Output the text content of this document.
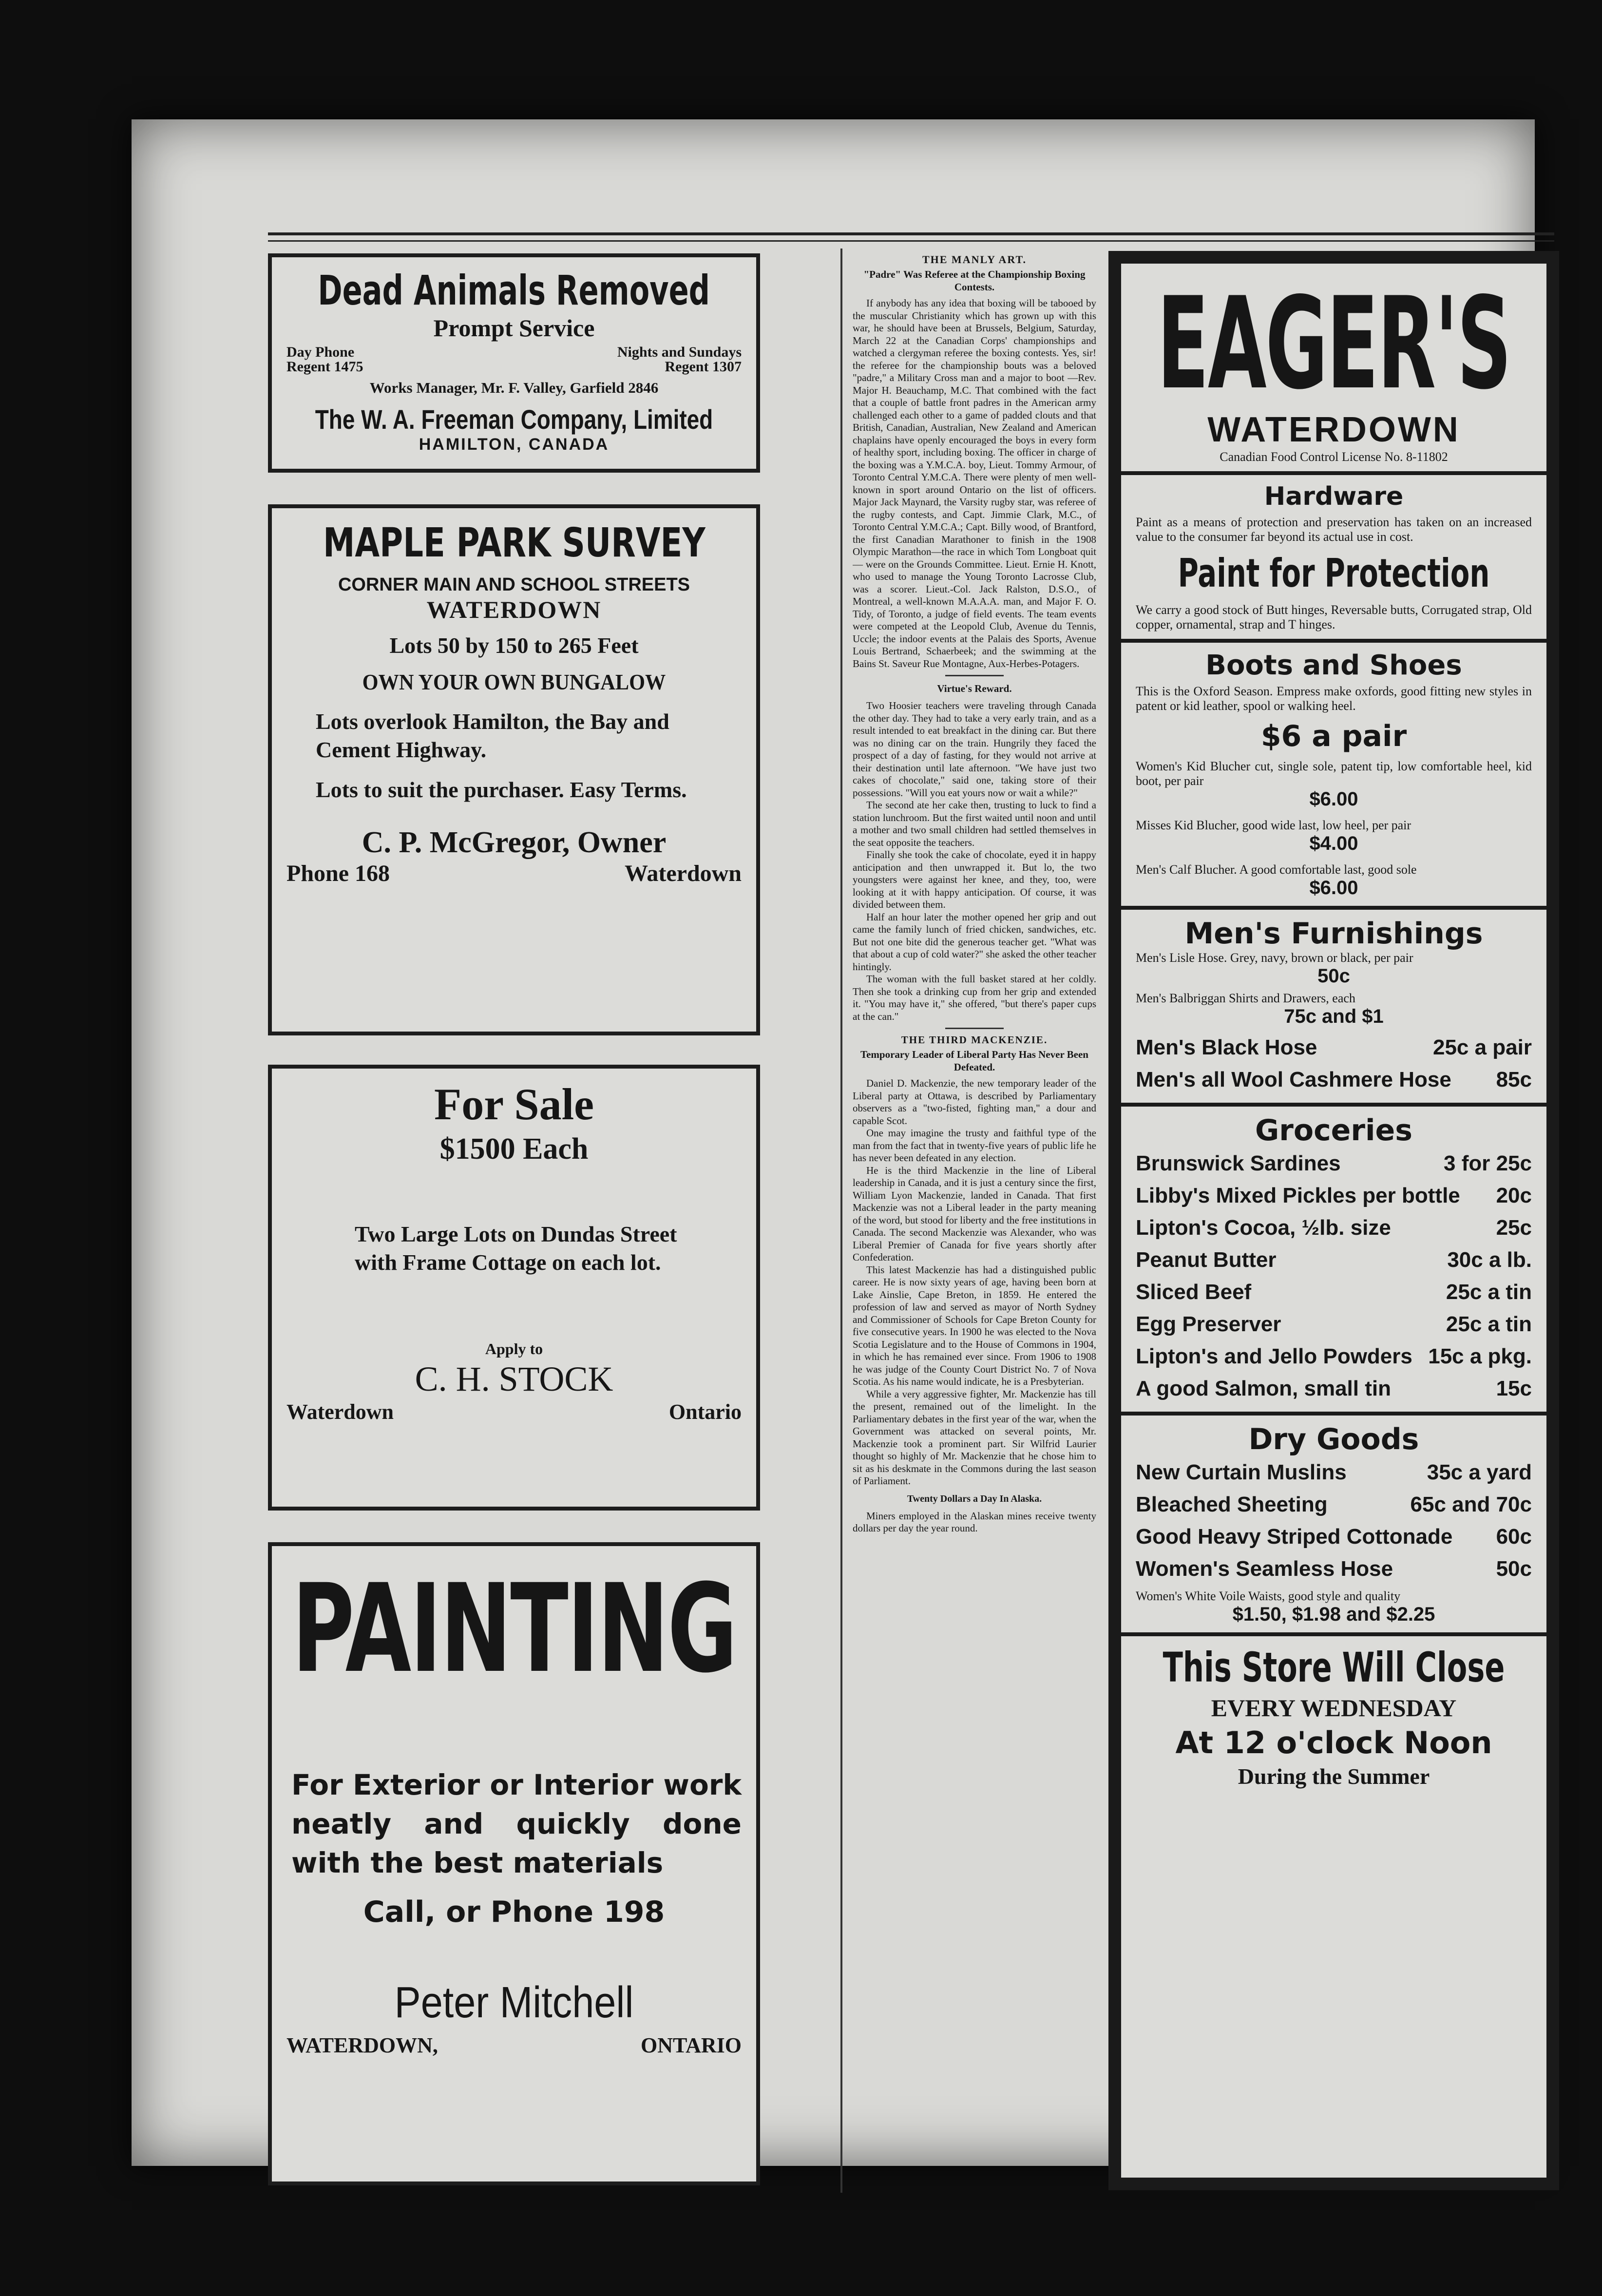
Dead Animals Removed
Prompt Service
Day Phone
Regent 1475
Nights and Sundays
Regent 1307
Works Manager, Mr. F. Valley, Garfield 2846
The W. A. Freeman Company, Limited
HAMILTON, CANADA
MAPLE PARK SURVEY
CORNER MAIN AND SCHOOL STREETS
WATERDOWN
Lots 50 by 150 to 265 Feet
OWN YOUR OWN BUNGALOW
Lots overlook Hamilton, the Bay and Cement Highway.
Lots to suit the purchaser. Easy Terms.
C. P. McGregor, Owner
Phone 168	Waterdown
For Sale
$1500 Each
Two Large Lots on Dundas Street with Frame Cottage on each lot.
Apply to
C. H. STOCK
Waterdown	Ontario
PAINTING
For Exterior or Interior work neatly and quickly done with the best materials
Call, or Phone 198
Peter Mitchell
WATERDOWN,	ONTARIO
THE MANLY ART.
"Padre" Was Referee at the Championship Boxing Contests.

If anybody has any idea that boxing will be tabooed by the muscular Christianity which has grown up with this war, he should have been at Brussels, Belgium, Saturday, March 22 at the Canadian Corps' championships and watched a clergyman referee the boxing contests. Yes, sir! the referee for the championship bouts was a beloved "padre," a Military Cross man and a major to boot —Rev. Major H. Beauchamp, M.C. That combined with the fact that a couple of battle front padres in the American army challenged each other to a game of padded clouts and that British, Canadian, Australian, New Zealand and American chaplains have openly encouraged the boys in every form of healthy sport, including boxing. The officer in charge of the boxing was a Y.M.C.A. boy, Lieut. Tommy Armour, of Toronto Central Y.M.C.A. There were plenty of men well-known in sport around Ontario on the list of officers. Major Jack Maynard, the Varsity rugby star, was referee of the rugby contests, and Capt. Jimmie Clark, M.C., of Toronto Central Y.M.C.A.; Capt. Billy wood, of Brantford, the first Canadian Marathoner to finish in the 1908 Olympic Marathon—the race in which Tom Longboat quit — were on the Grounds Committee. Lieut. Ernie H. Knott, who used to manage the Young Toronto Lacrosse Club, was a scorer. Lieut.-Col. Jack Ralston, D.S.O., of Montreal, a well-known M.A.A.A. man, and Major F. O. Tidy, of Toronto, a judge of field events. The team events were competed at the Leopold Club, Avenue du Tennis, Uccle; the indoor events at the Palais des Sports, Avenue Louis Bertrand, Schaerbeek; and the swimming at the Bains St. Saveur Rue Montagne, Aux-Herbes-Potagers.

Virtue's Reward.

Two Hoosier teachers were traveling through Canada the other day. They had to take a very early train, and as a result intended to eat breakfact in the dining car. But there was no dining car on the train. Hungrily they faced the prospect of a day of fasting, for they would not arrive at their destination until late afternoon. "We have just two cakes of chocolate," said one, taking store of their possessions. "Will you eat yours now or wait a while?"

The second ate her cake then, trusting to luck to find a station lunchroom. But the first waited until noon and until a mother and two small children had settled themselves in the seat opposite the teachers.

Finally she took the cake of chocolate, eyed it in happy anticipation and then unwrapped it. But lo, the two youngsters were against her knee, and they, too, were looking at it with happy anticipation. Of course, it was divided between them.

Half an hour later the mother opened her grip and out came the family lunch of fried chicken, sandwiches, etc. But not one bite did the generous teacher get. "What was that about a cup of cold water?" she asked the other teacher hintingly.

The woman with the full basket stared at her coldly. Then she took a drinking cup from her grip and extended it. "You may have it," she offered, "but there's paper cups at the can."

THE THIRD MACKENZIE.
Temporary Leader of Liberal Party Has Never Been Defeated.

Daniel D. Mackenzie, the new temporary leader of the Liberal party at Ottawa, is described by Parliamentary observers as a "two-fisted, fighting man," a dour and capable Scot.

One may imagine the trusty and faithful type of the man from the fact that in twenty-five years of public life he has never been defeated in any election.

He is the third Mackenzie in the line of Liberal leadership in Canada, and it is just a century since the first, William Lyon Mackenzie, landed in Canada. That first Mackenzie was not a Liberal leader in the party meaning of the word, but stood for liberty and the free institutions in Canada. The second Mackenzie was Alexander, who was Liberal Premier of Canada for five years shortly after Confederation.

This latest Mackenzie has had a distinguished public career. He is now sixty years of age, having been born at Lake Ainslie, Cape Breton, in 1859. He entered the profession of law and served as mayor of North Sydney and Commissioner of Schools for Cape Breton County for five consecutive years. In 1900 he was elected to the Nova Scotia Legislature and to the House of Commons in 1904, in which he has remained ever since. From 1906 to 1908 he was judge of the County Court District No. 7 of Nova Scotia. As his name would indicate, he is a Presbyterian.

While a very aggressive fighter, Mr. Mackenzie has till the present, remained out of the limelight. In the Parliamentary debates in the first year of the war, when the Government was attacked on several points, Mr. Mackenzie took a prominent part. Sir Wilfrid Laurier thought so highly of Mr. Mackenzie that he chose him to sit as his deskmate in the Commons during the last season of Parliament.

Twenty Dollars a Day In Alaska.

Miners employed in the Alaskan mines receive twenty dollars per day the year round.

EAGER'S
WATERDOWN
Canadian Food Control License No. 8-11802
Hardware
Paint as a means of protection and preservation has taken on an increased value to the consumer far beyond its actual use in cost.
Paint for Protection
We carry a good stock of Butt hinges, Reversable butts, Corrugated strap, Old copper, ornamental, strap and T hinges.
Boots and Shoes
This is the Oxford Season. Empress make oxfords, good fitting new styles in patent or kid leather, spool or walking heel.
$6 a pair
Women's Kid Blucher cut, single sole, patent tip, low comfortable heel, kid boot, per pair
$6.00
Misses Kid Blucher, good wide last, low heel, per pair
$4.00
Men's Calf Blucher. A good comfortable last, good sole
$6.00
Men's Furnishings
Men's Lisle Hose. Grey, navy, brown or black, per pair
50c
Men's Balbriggan Shirts and Drawers, each
75c and $1
Men's Black Hose	25c a pair
Men's all Wool Cashmere Hose 85c
Groceries
Brunswick Sardines	3 for 25c
Libby's Mixed Pickles per bottle 20c
Lipton's Cocoa, ½lb. size	25c
Peanut Butter	30c a lb.
Sliced Beef	25c a tin
Egg Preserver	25c a tin
Lipton's and Jello Powders 15c a pkg.
A good Salmon, small tin	15c
Dry Goods
New Curtain Muslins	35c a yard
Bleached Sheeting	65c and 70c
Good Heavy Striped Cottonade 60c
Women's Seamless Hose	50c
Women's White Voile Waists, good style and quality
$1.50, $1.98 and $2.25
This Store Will Close
EVERY WEDNESDAY
At 12 o'clock Noon
During the Summer
